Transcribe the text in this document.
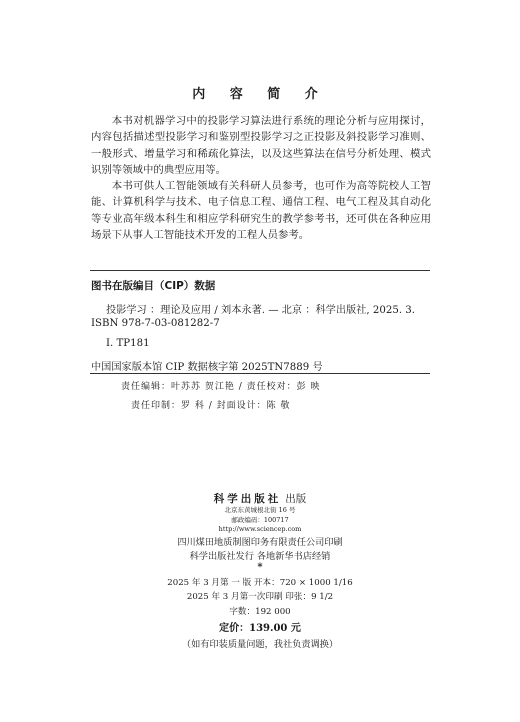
内 容 简 介
本书对机器学习中的投影学习算法进行系统的理论分析与应用探讨，内容包括描述型投影学习和鉴别型投影学习之正投影及斜投影学习准则、一般形式、增量学习和稀疏化算法，以及这些算法在信号分析处理、模式识别等领域中的典型应用等。
本书可供人工智能领域有关科研人员参考，也可作为高等院校人工智能、计算机科学与技术、电子信息工程、通信工程、电气工程及其自动化等专业高年级本科生和相应学科研究生的教学参考书，还可供在各种应用场景下从事人工智能技术开发的工程人员参考。
图书在版编目（CIP）数据
投影学习 ：理论及应用 / 刘本永著. — 北京 ：科学出版社, 2025. 3.
ISBN 978-7-03-081282-7
Ⅰ. TP181
中国国家版本馆 CIP 数据核字第 2025TN7889 号
责任编辑：叶苏苏 贺江艳 / 责任校对：彭 映
责任印制：罗 科 / 封面设计：陈 敬
科学出版社 出版
北京东黄城根北街 16 号
邮政编码：100717
http://www.sciencep.com
四川煤田地质制图印务有限责任公司印刷
科学出版社发行 各地新华书店经销
*
2025 年 3 月第 一 版 开本：720 × 1000 1/16
2025 年 3 月第一次印刷 印张：9 1/2
字数：192 000
定价：139.00 元
（如有印装质量问题，我社负责调换）
